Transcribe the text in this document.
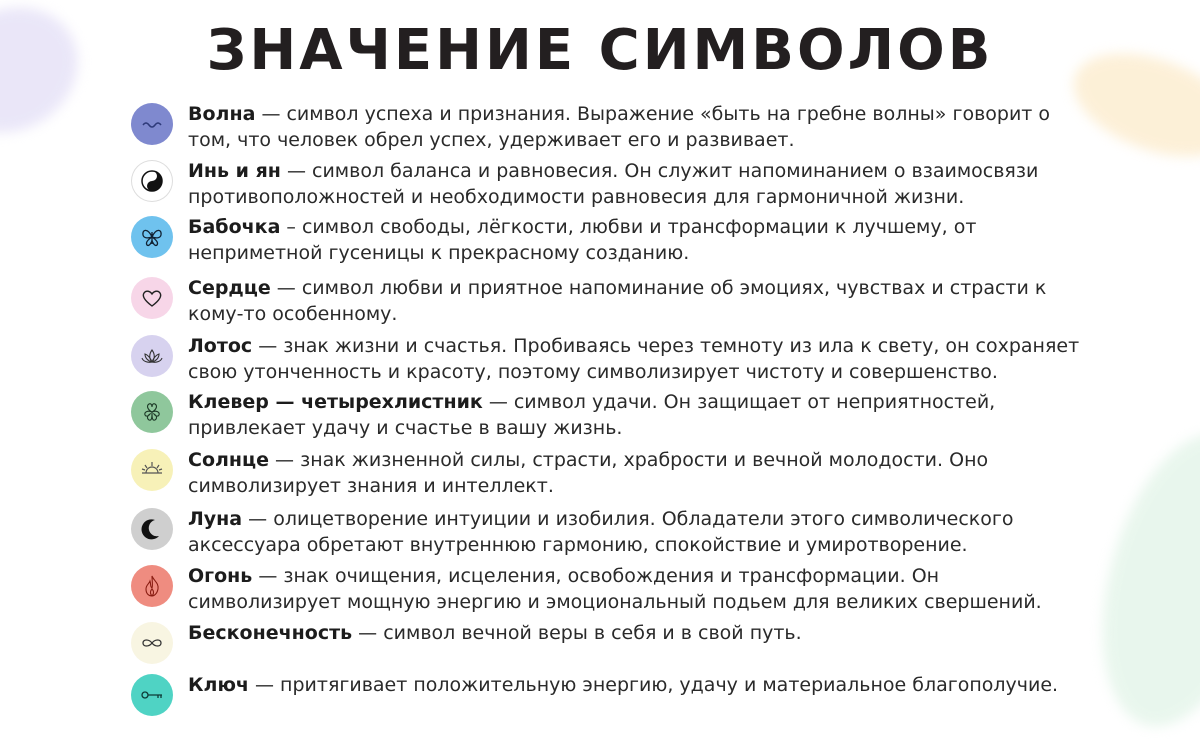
ЗНАЧЕНИЕ СИМВОЛОВ
Волна — символ успеха и признания. Выражение «быть на гребне волны» говорит о том, что человек обрел успех, удерживает его и развивает.
Инь и ян — символ баланса и равновесия. Он служит напоминанием о взаимосвязи противоположностей и необходимости равновесия для гармоничной жизни.
Бабочка – символ свободы, лёгкости, любви и трансформации к лучшему, от неприметной гусеницы к прекрасному созданию.
Сердце — символ любви и приятное напоминание об эмоциях, чувствах и страсти к кому-то особенному.
Лотос — знак жизни и счастья. Пробиваясь через темноту из ила к свету, он сохраняет свою утонченность и красоту, поэтому символизирует чистоту и совершенство.
Клевер — четырехлистник — символ удачи. Он защищает от неприятностей, привлекает удачу и счастье в вашу жизнь.
Солнце — знак жизненной силы, страсти, храбрости и вечной молодости. Оно символизирует знания и интеллект.
Луна — олицетворение интуиции и изобилия. Обладатели этого символического аксессуара обретают внутреннюю гармонию, спокойствие и умиротворение.
Огонь — знак очищения, исцеления, освобождения и трансформации. Он символизирует мощную энергию и эмоциональный подьем для великих свершений.
Бесконечность — символ вечной веры в себя и в свой путь.
Ключ — притягивает положительную энергию, удачу и материальное благополучие.
